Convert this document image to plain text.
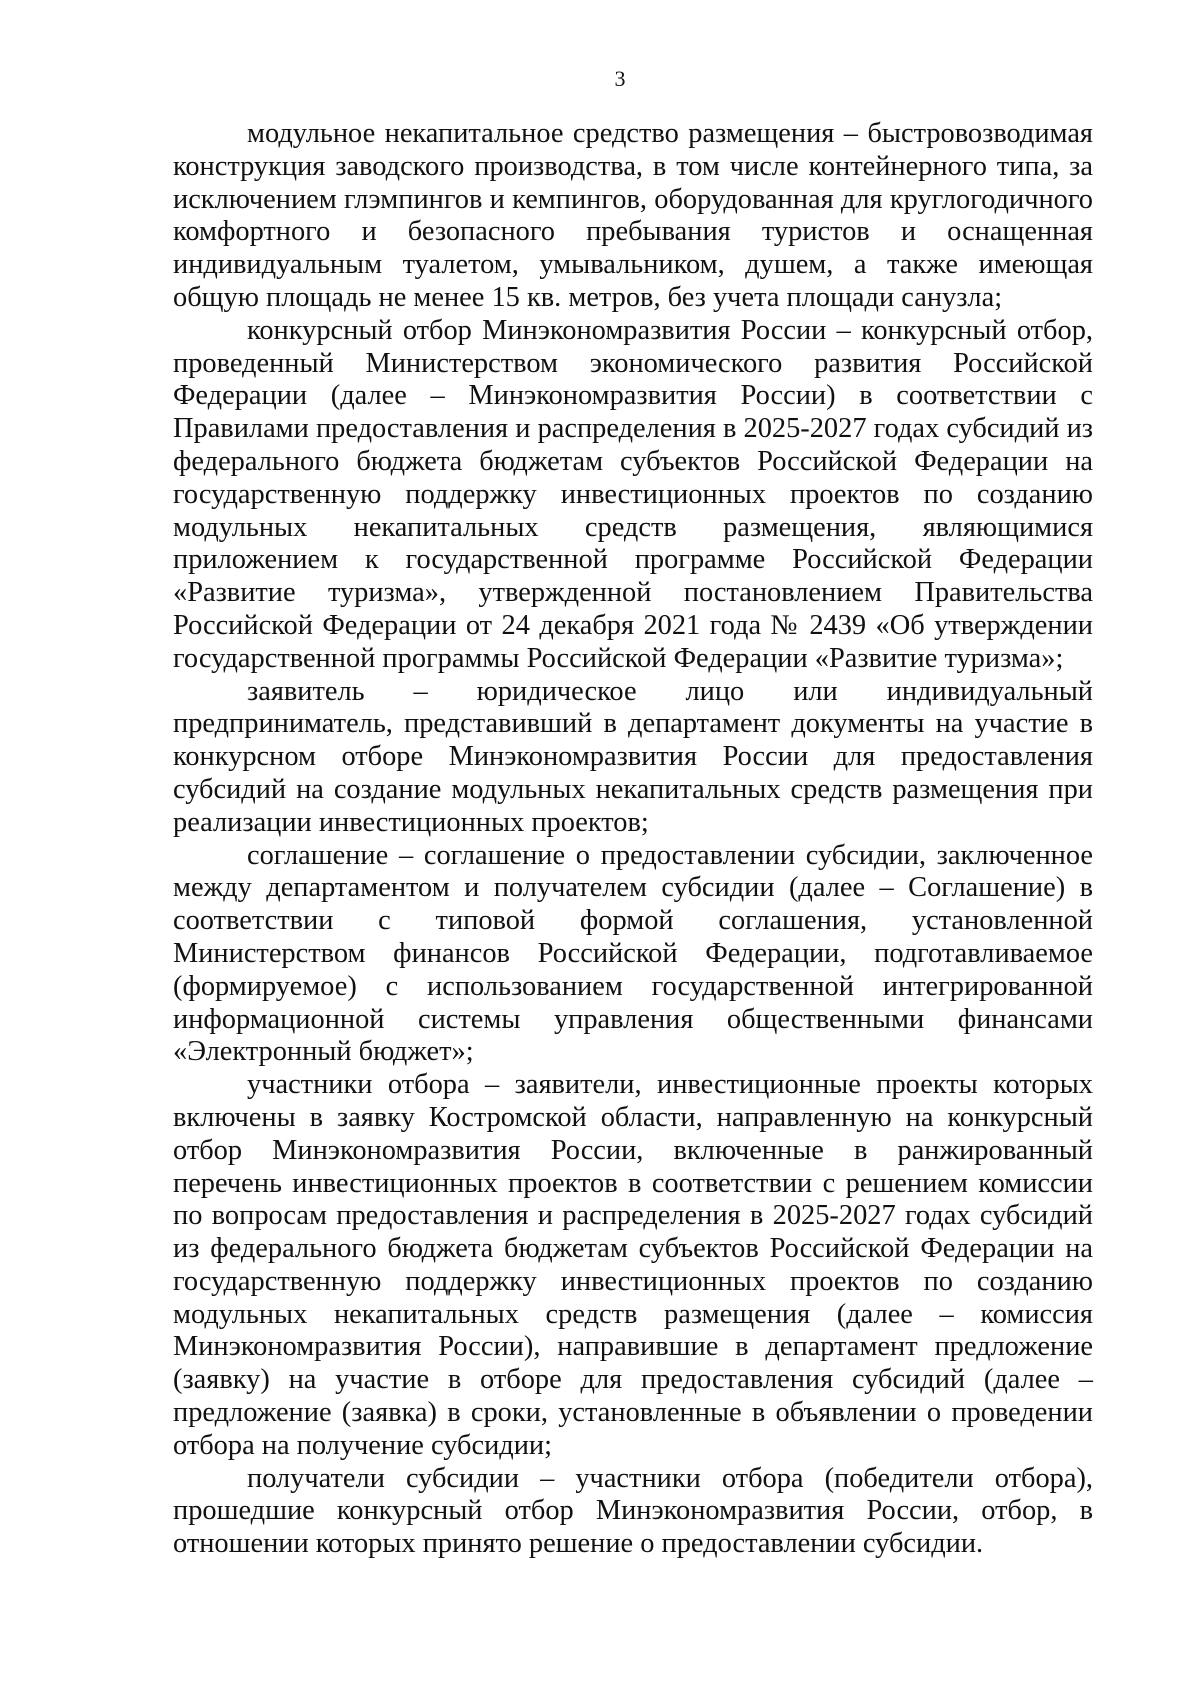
3

модульное некапитальное средство размещения – быстровозводимая конструкция заводского производства, в том числе контейнерного типа, за исключением глэмпингов и кемпингов, оборудованная для круглогодичного комфортного и безопасного пребывания туристов и оснащенная индивидуальным туалетом, умывальником, душем, а также имеющая общую площадь не менее 15 кв. метров, без учета площади санузла;

конкурсный отбор Минэкономразвития России – конкурсный отбор, проведенный Министерством экономического развития Российской Федерации (далее – Минэкономразвития России) в соответствии с Правилами предоставления и распределения в 2025-2027 годах субсидий из федерального бюджета бюджетам субъектов Российской Федерации на государственную поддержку инвестиционных проектов по созданию модульных некапитальных средств размещения, являющимися приложением к государственной программе Российской Федерации «Развитие туризма», утвержденной постановлением Правительства Российской Федерации от 24 декабря 2021 года № 2439 «Об утверждении государственной программы Российской Федерации «Развитие туризма»;

заявитель – юридическое лицо или индивидуальный предприниматель, представивший в департамент документы на участие в конкурсном отборе Минэкономразвития России для предоставления субсидий на создание модульных некапитальных средств размещения при реализации инвестиционных проектов;

соглашение – соглашение о предоставлении субсидии, заключенное между департаментом и получателем субсидии (далее – Соглашение) в соответствии с типовой формой соглашения, установленной Министерством финансов Российской Федерации, подготавливаемое (формируемое) с использованием государственной интегрированной информационной системы управления общественными финансами «Электронный бюджет»;

участники отбора – заявители, инвестиционные проекты которых включены в заявку Костромской области, направленную на конкурсный отбор Минэкономразвития России, включенные в ранжированный перечень инвестиционных проектов в соответствии с решением комиссии по вопросам предоставления и распределения в 2025-2027 годах субсидий из федерального бюджета бюджетам субъектов Российской Федерации на государственную поддержку инвестиционных проектов по созданию модульных некапитальных средств размещения (далее – комиссия Минэкономразвития России), направившие в департамент предложение (заявку) на участие в отборе для предоставления субсидий (далее – предложение (заявка) в сроки, установленные в объявлении о проведении отбора на получение субсидии;

получатели субсидии – участники отбора (победители отбора), прошедшие конкурсный отбор Минэкономразвития России, отбор, в отношении которых принято решение о предоставлении субсидии.
